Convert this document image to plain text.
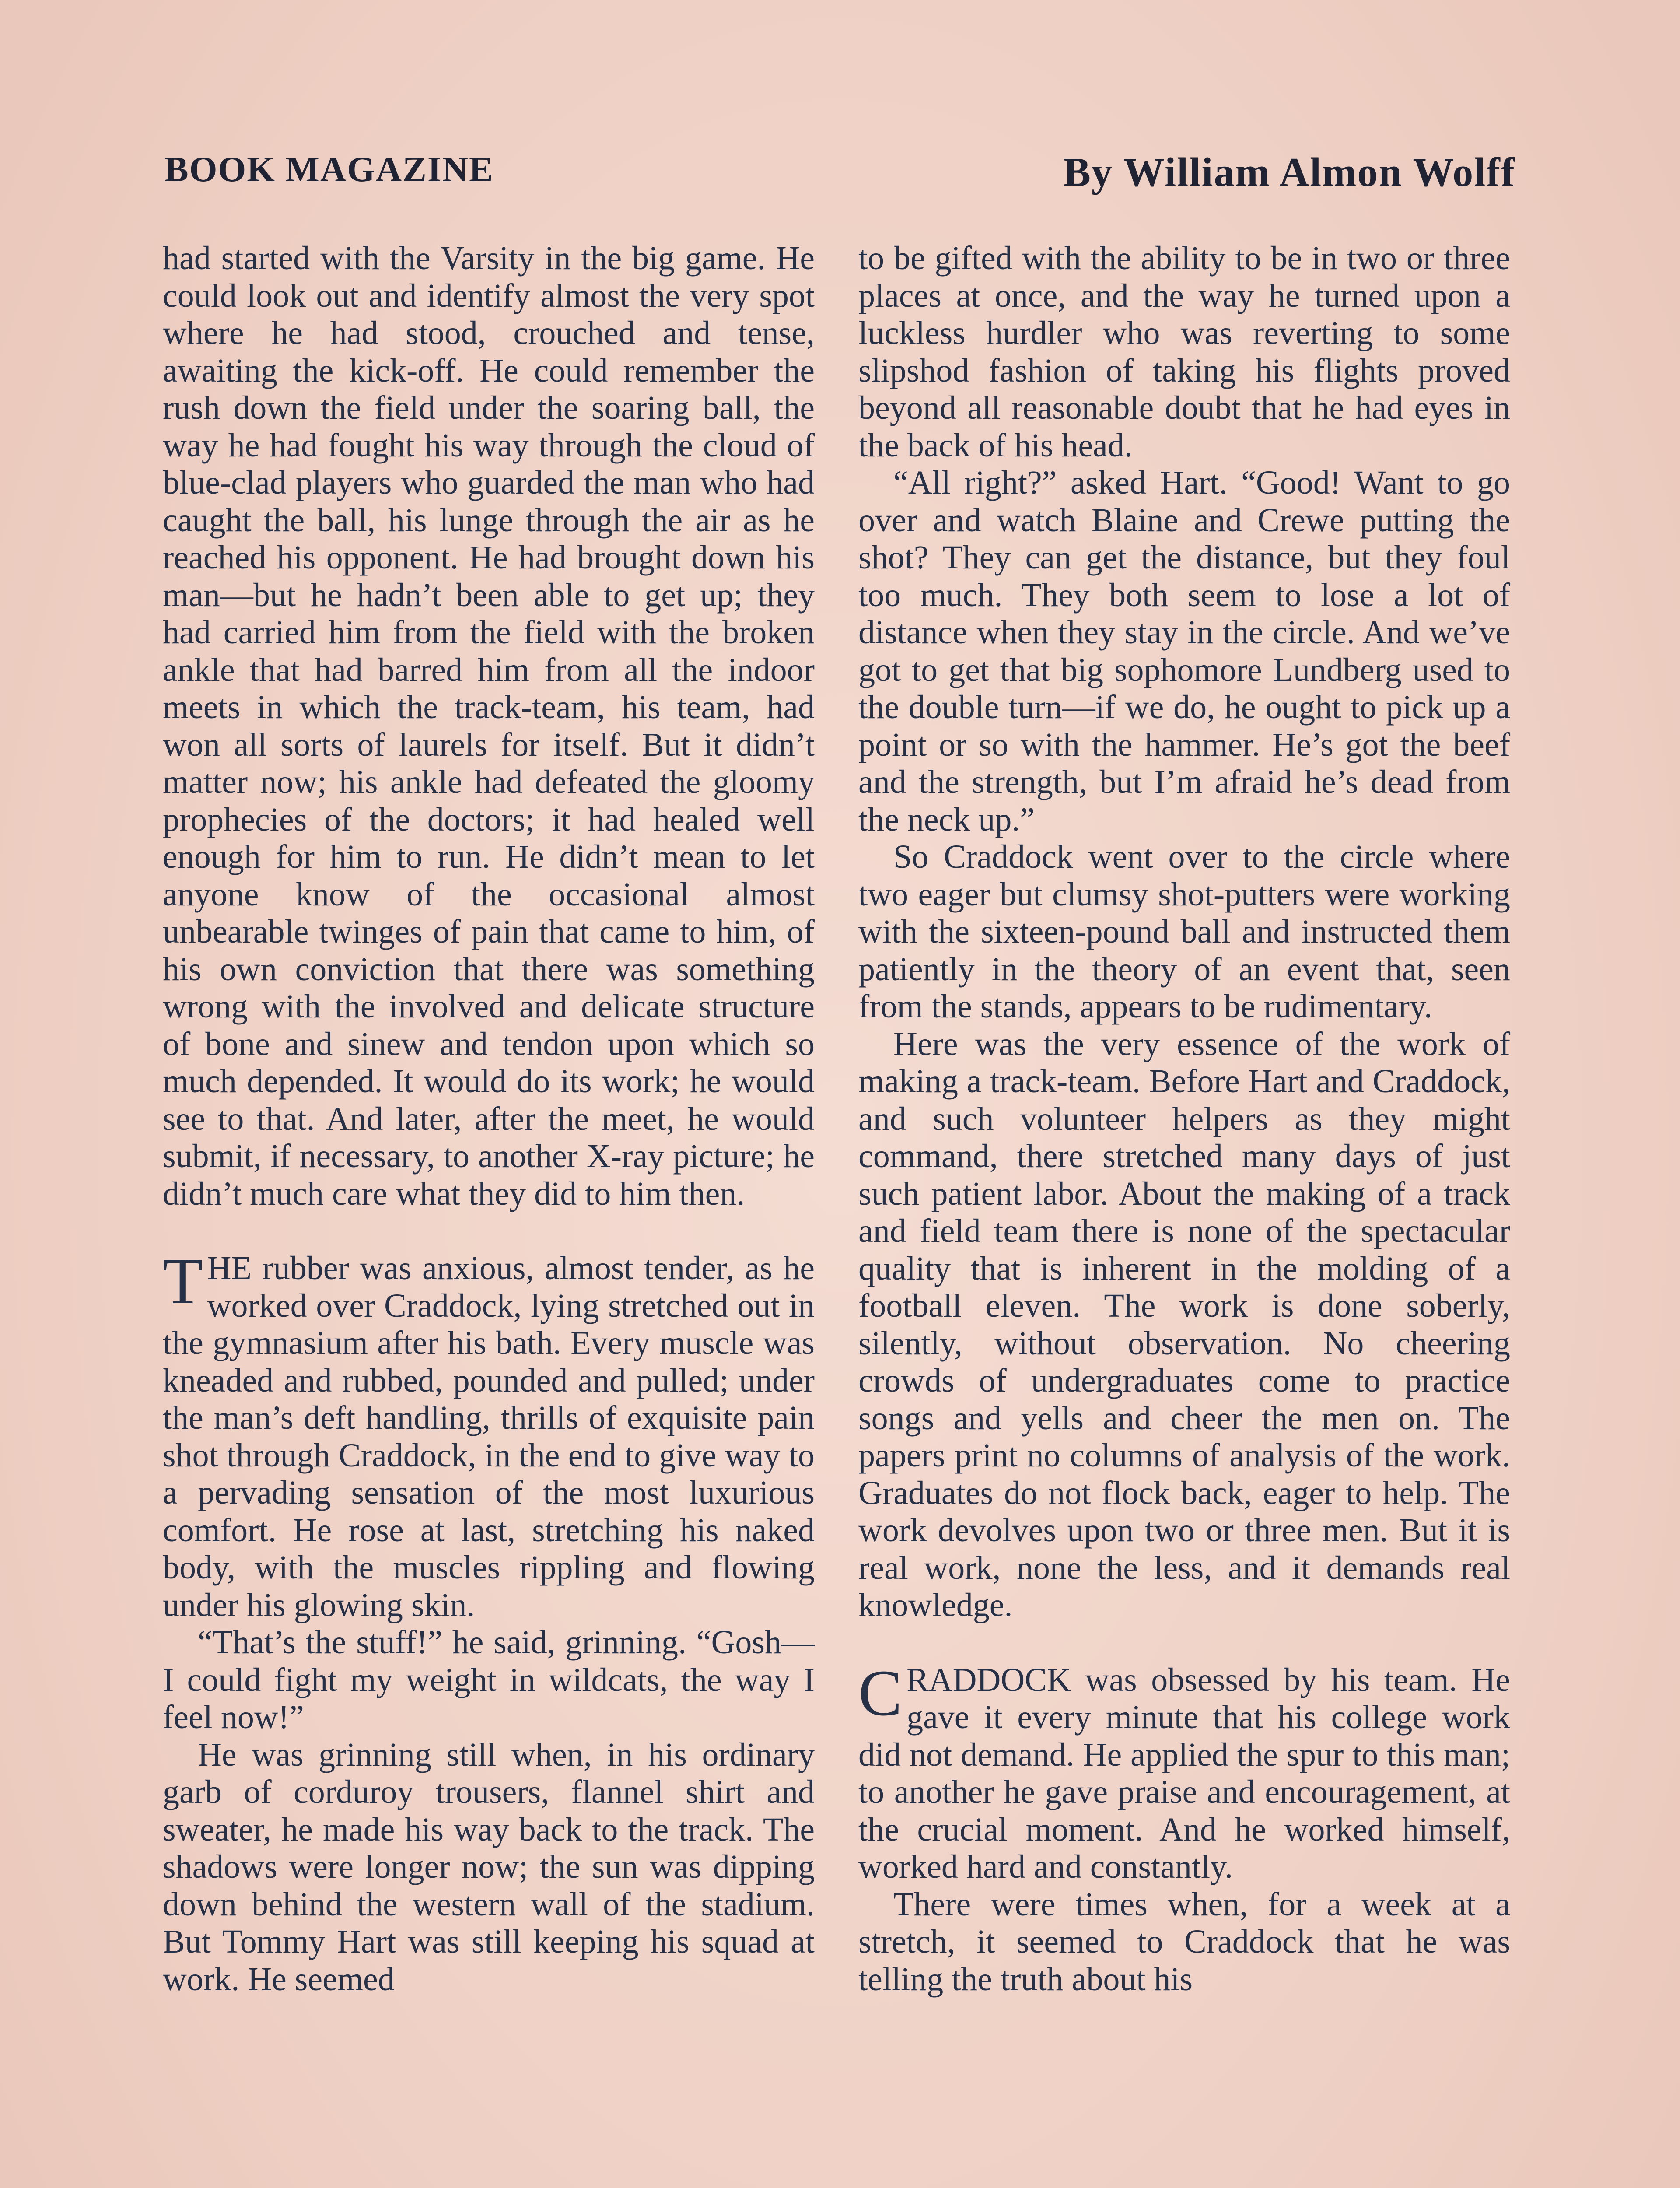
BOOK MAGAZINE	By William Almon Wolff

had started with the Varsity in the big game. He could look out and identify almost the very spot where he had stood, crouched and tense, awaiting the kick-off. He could remember the rush down the field under the soaring ball, the way he had fought his way through the cloud of blue-clad players who guarded the man who had caught the ball, his lunge through the air as he reached his opponent. He had brought down his man—but he hadn’t been able to get up; they had carried him from the field with the broken ankle that had barred him from all the indoor meets in which the track-team, his team, had won all sorts of laurels for itself. But it didn’t matter now; his ankle had defeated the gloomy prophecies of the doctors; it had healed well enough for him to run. He didn’t mean to let anyone know of the occasional almost unbearable twinges of pain that came to him, of his own conviction that there was something wrong with the involved and delicate structure of bone and sinew and tendon upon which so much depended. It would do its work; he would see to that. And later, after the meet, he would submit, if necessary, to another X-ray picture; he didn’t much care what they did to him then.

THE rubber was anxious, almost tender, as he worked over Craddock, lying stretched out in the gymnasium after his bath. Every muscle was kneaded and rubbed, pounded and pulled; under the man’s deft handling, thrills of exquisite pain shot through Craddock, in the end to give way to a pervading sensation of the most luxurious comfort. He rose at last, stretching his naked body, with the muscles rippling and flowing under his glowing skin.

“That’s the stuff!” he said, grinning. “Gosh—I could fight my weight in wildcats, the way I feel now!”

He was grinning still when, in his ordinary garb of corduroy trousers, flannel shirt and sweater, he made his way back to the track. The shadows were longer now; the sun was dipping down behind the western wall of the stadium. But Tommy Hart was still keeping his squad at work. He seemed

to be gifted with the ability to be in two or three places at once, and the way he turned upon a luckless hurdler who was reverting to some slipshod fashion of taking his flights proved beyond all reasonable doubt that he had eyes in the back of his head.

“All right?” asked Hart. “Good! Want to go over and watch Blaine and Crewe putting the shot? They can get the distance, but they foul too much. They both seem to lose a lot of distance when they stay in the circle. And we’ve got to get that big sophomore Lundberg used to the double turn—if we do, he ought to pick up a point or so with the hammer. He’s got the beef and the strength, but I’m afraid he’s dead from the neck up.”

So Craddock went over to the circle where two eager but clumsy shot-putters were working with the sixteen-pound ball and instructed them patiently in the theory of an event that, seen from the stands, appears to be rudimentary.

Here was the very essence of the work of making a track-team. Before Hart and Craddock, and such volunteer helpers as they might command, there stretched many days of just such patient labor. About the making of a track and field team there is none of the spectacular quality that is inherent in the molding of a football eleven. The work is done soberly, silently, without observation. No cheering crowds of undergraduates come to practice songs and yells and cheer the men on. The papers print no columns of analysis of the work. Graduates do not flock back, eager to help. The work devolves upon two or three men. But it is real work, none the less, and it demands real knowledge.

CRADDOCK was obsessed by his team. He gave it every minute that his college work did not demand. He applied the spur to this man; to another he gave praise and encouragement, at the crucial moment. And he worked himself, worked hard and constantly.

There were times when, for a week at a stretch, it seemed to Craddock that he was telling the truth about his
